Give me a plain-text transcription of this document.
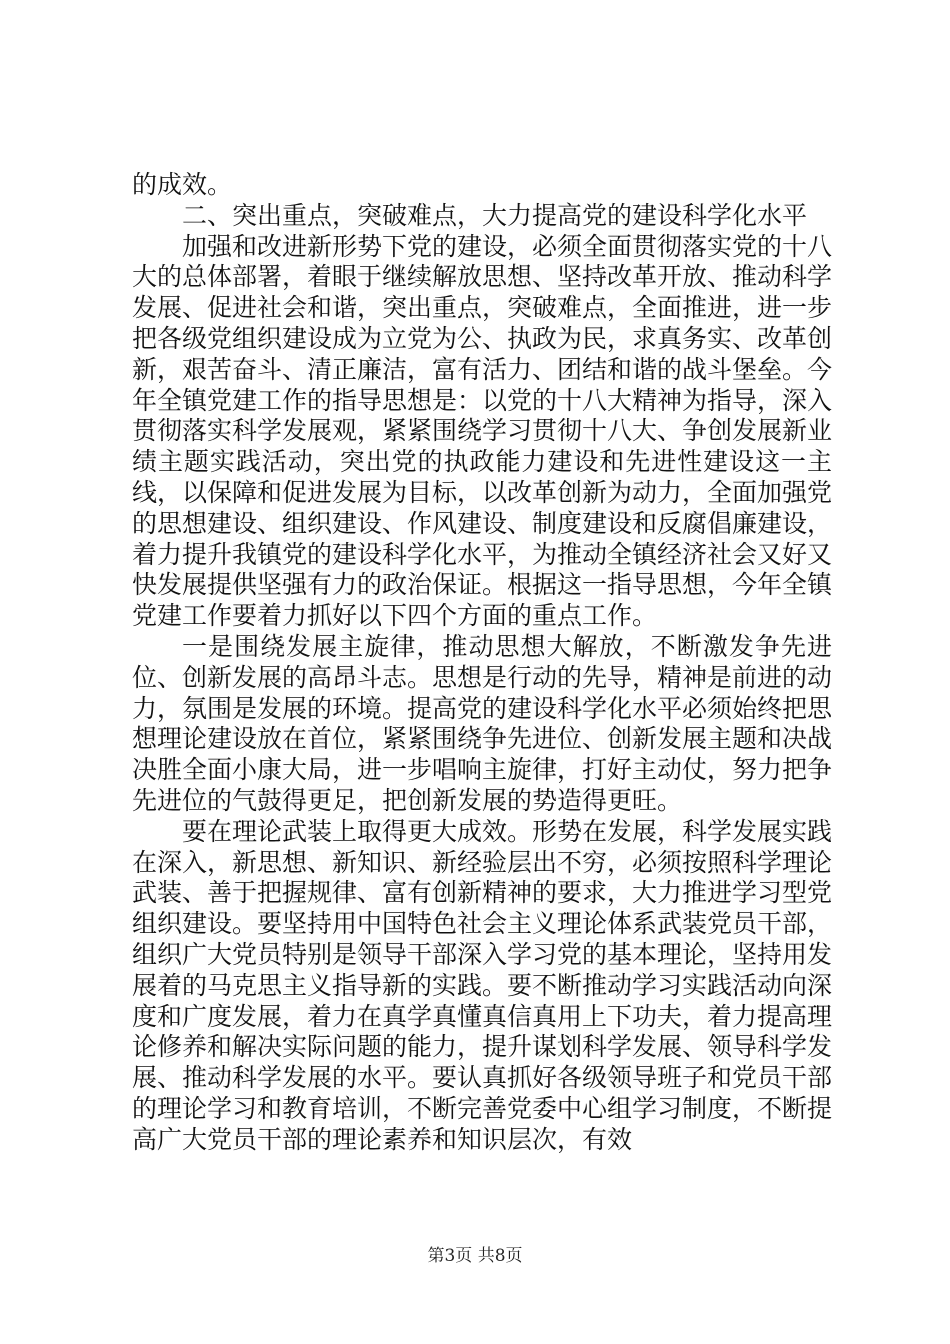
的成效。

二、突出重点，突破难点，大力提高党的建设科学化水平

加强和改进新形势下党的建设，必须全面贯彻落实党的十八大的总体部署，着眼于继续解放思想、坚持改革开放、推动科学发展、促进社会和谐，突出重点，突破难点，全面推进，进一步把各级党组织建设成为立党为公、执政为民，求真务实、改革创新，艰苦奋斗、清正廉洁，富有活力、团结和谐的战斗堡垒。今年全镇党建工作的指导思想是：以党的十八大精神为指导，深入贯彻落实科学发展观，紧紧围绕学习贯彻十八大、争创发展新业绩主题实践活动，突出党的执政能力建设和先进性建设这一主线，以保障和促进发展为目标，以改革创新为动力，全面加强党的思想建设、组织建设、作风建设、制度建设和反腐倡廉建设，着力提升我镇党的建设科学化水平，为推动全镇经济社会又好又快发展提供坚强有力的政治保证。根据这一指导思想，今年全镇党建工作要着力抓好以下四个方面的重点工作。

一是围绕发展主旋律，推动思想大解放，不断激发争先进位、创新发展的高昂斗志。思想是行动的先导，精神是前进的动力，氛围是发展的环境。提高党的建设科学化水平必须始终把思想理论建设放在首位，紧紧围绕争先进位、创新发展主题和决战决胜全面小康大局，进一步唱响主旋律，打好主动仗，努力把争先进位的气鼓得更足，把创新发展的势造得更旺。

要在理论武装上取得更大成效。形势在发展，科学发展实践在深入，新思想、新知识、新经验层出不穷，必须按照科学理论武装、善于把握规律、富有创新精神的要求，大力推进学习型党组织建设。要坚持用中国特色社会主义理论体系武装党员干部，组织广大党员特别是领导干部深入学习党的基本理论，坚持用发展着的马克思主义指导新的实践。要不断推动学习实践活动向深度和广度发展，着力在真学真懂真信真用上下功夫，着力提高理论修养和解决实际问题的能力，提升谋划科学发展、领导科学发展、推动科学发展的水平。要认真抓好各级领导班子和党员干部的理论学习和教育培训，不断完善党委中心组学习制度，不断提高广大党员干部的理论素养和知识层次，有效

第3页 共8页
